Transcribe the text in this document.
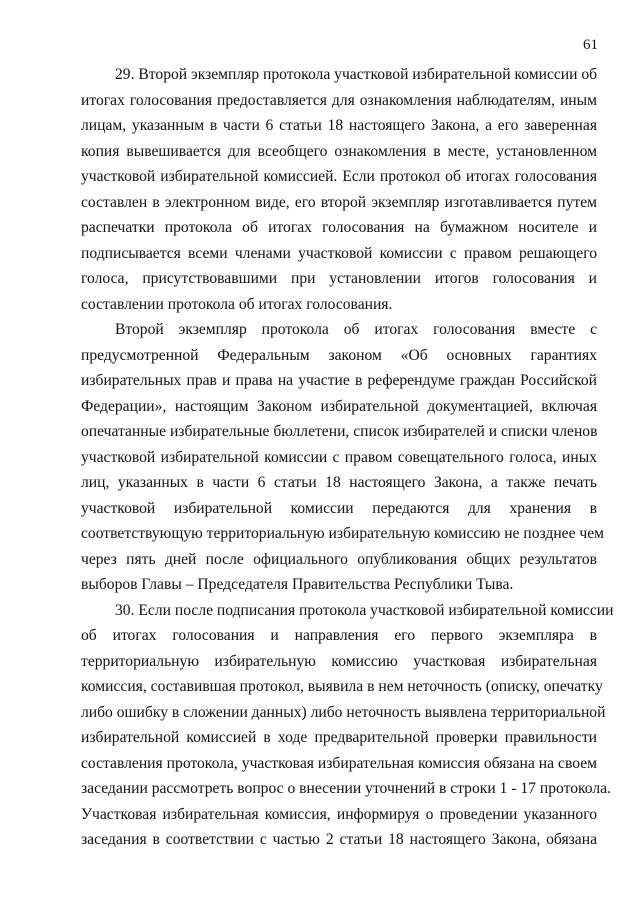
61
29. Второй экземпляр протокола участковой избирательной комиссии об
итогах голосования предоставляется для ознакомления наблюдателям, иным
лицам, указанным в части 6 статьи 18 настоящего Закона, а его заверенная
копия вывешивается для всеобщего ознакомления в месте, установленном
участковой избирательной комиссией. Если протокол об итогах голосования
составлен в электронном виде, его второй экземпляр изготавливается путем
распечатки протокола об итогах голосования на бумажном носителе и
подписывается всеми членами участковой комиссии с правом решающего
голоса, присутствовавшими при установлении итогов голосования и
составлении протокола об итогах голосования.
Второй экземпляр протокола об итогах голосования вместе с
предусмотренной Федеральным законом «Об основных гарантиях
избирательных прав и права на участие в референдуме граждан Российской
Федерации», настоящим Законом избирательной документацией, включая
опечатанные избирательные бюллетени, список избирателей и списки членов
участковой избирательной комиссии с правом совещательного голоса, иных
лиц, указанных в части 6 статьи 18 настоящего Закона, а также печать
участковой избирательной комиссии передаются для хранения в
соответствующую территориальную избирательную комиссию не позднее чем
через пять дней после официального опубликования общих результатов
выборов Главы – Председателя Правительства Республики Тыва.
30. Если после подписания протокола участковой избирательной комиссии
об итогах голосования и направления его первого экземпляра в
территориальную избирательную комиссию участковая избирательная
комиссия, составившая протокол, выявила в нем неточность (описку, опечатку
либо ошибку в сложении данных) либо неточность выявлена территориальной
избирательной комиссией в ходе предварительной проверки правильности
составления протокола, участковая избирательная комиссия обязана на своем
заседании рассмотреть вопрос о внесении уточнений в строки 1 - 17 протокола.
Участковая избирательная комиссия, информируя о проведении указанного
заседания в соответствии с частью 2 статьи 18 настоящего Закона, обязана
